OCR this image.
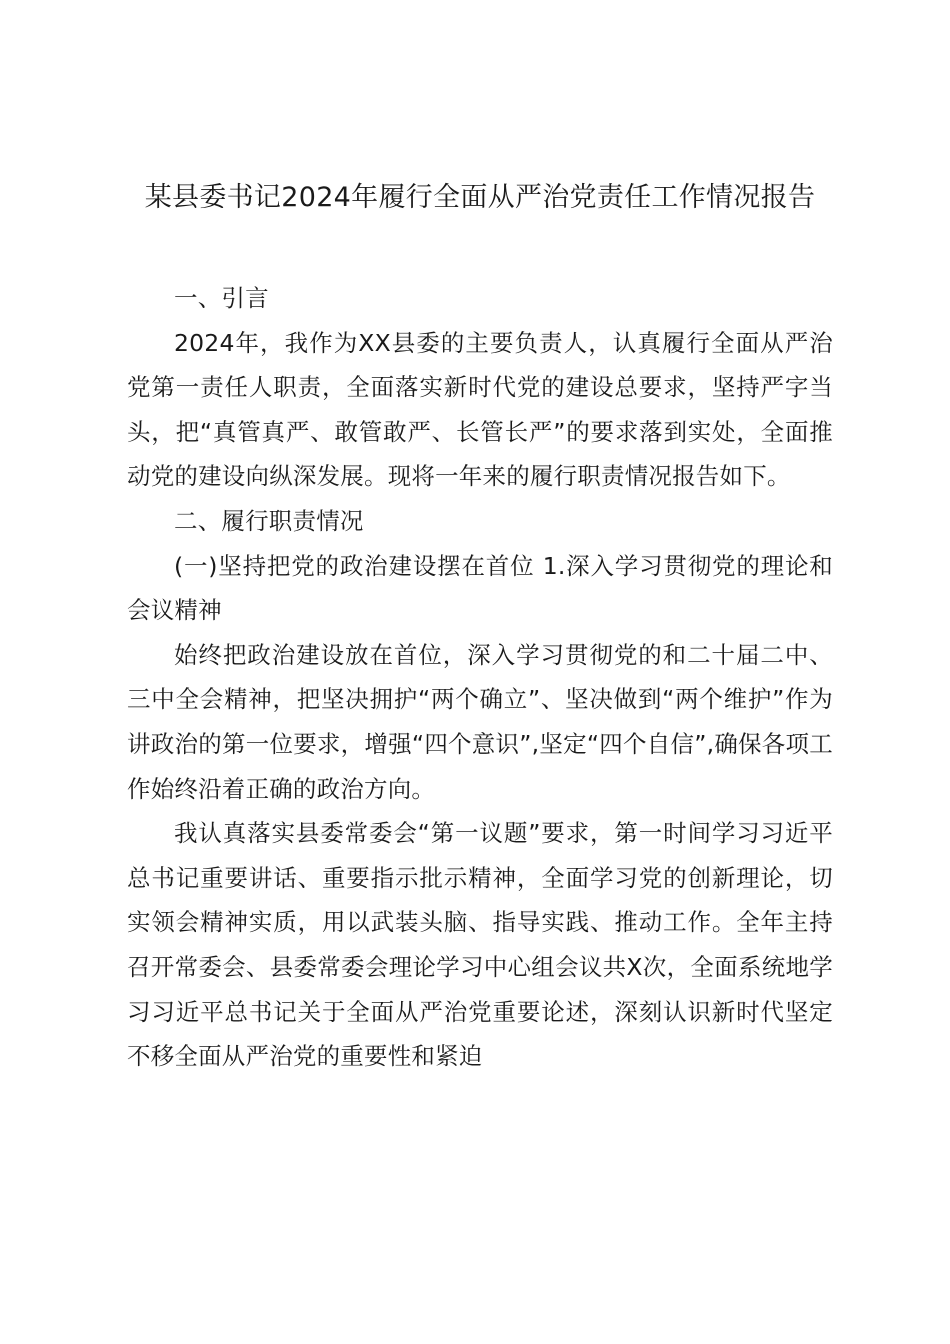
某县委书记2024年履行全面从严治党责任工作情况报告

一、引言

2024年，我作为XX县委的主要负责人，认真履行全面从严治党第一责任人职责，全面落实新时代党的建设总要求，坚持严字当头，把“真管真严、敢管敢严、长管长严”的要求落到实处，全面推动党的建设向纵深发展。现将一年来的履行职责情况报告如下。

二、履行职责情况

(一)坚持把党的政治建设摆在首位 1.深入学习贯彻党的理论和会议精神

始终把政治建设放在首位，深入学习贯彻党的和二十届二中、三中全会精神，把坚决拥护“两个确立”、坚决做到“两个维护”作为讲政治的第一位要求，增强“四个意识”,坚定“四个自信”,确保各项工作始终沿着正确的政治方向。

我认真落实县委常委会“第一议题”要求，第一时间学习习近平总书记重要讲话、重要指示批示精神，全面学习党的创新理论，切实领会精神实质，用以武装头脑、指导实践、推动工作。全年主持召开常委会、县委常委会理论学习中心组会议共X次，全面系统地学习习近平总书记关于全面从严治党重要论述，深刻认识新时代坚定不移全面从严治党的重要性和紧迫
